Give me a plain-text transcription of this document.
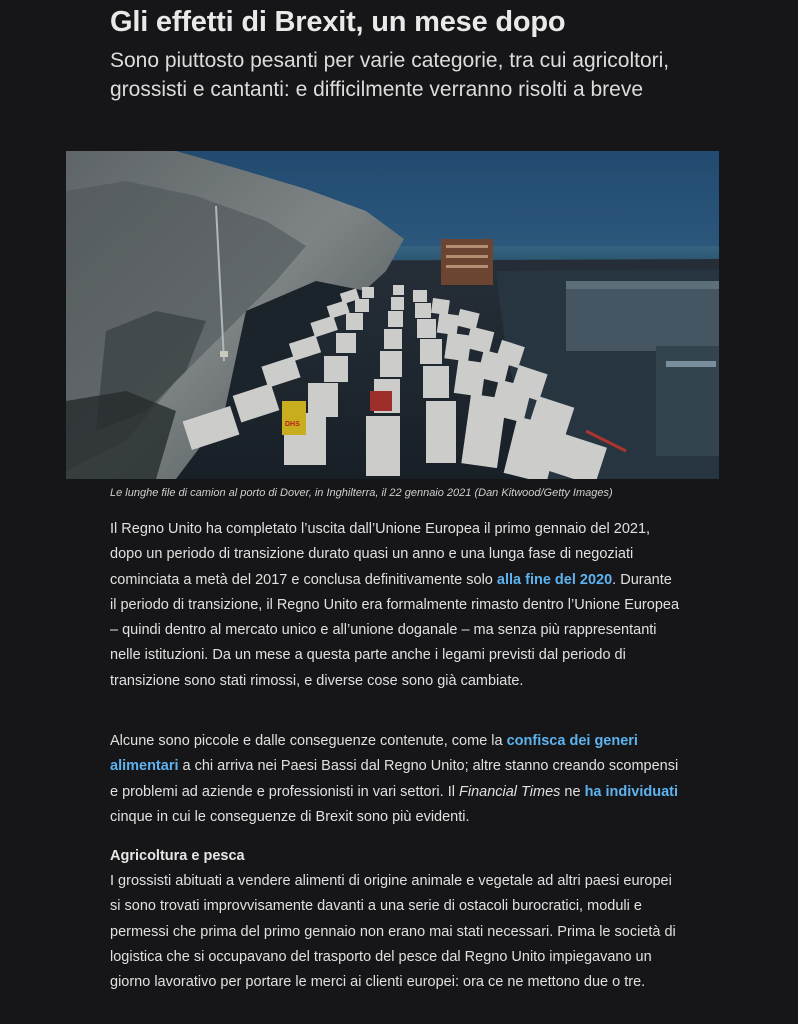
Gli effetti di Brexit, un mese dopo

Sono piuttosto pesanti per varie categorie, tra cui agricoltori, grossisti e cantanti: e difficilmente verranno risolti a breve

DHS

Le lunghe file di camion al porto di Dover, in Inghilterra, il 22 gennaio 2021 (Dan Kitwood/Getty Images)

Il Regno Unito ha completato l’uscita dall’Unione Europea il primo gennaio del 2021, dopo un periodo di transizione durato quasi un anno e una lunga fase di negoziati cominciata a metà del 2017 e conclusa definitivamente solo alla fine del 2020. Durante il periodo di transizione, il Regno Unito era formalmente rimasto dentro l’Unione Europea – quindi dentro al mercato unico e all’unione doganale – ma senza più rappresentanti nelle istituzioni. Da un mese a questa parte anche i legami previsti dal periodo di transizione sono stati rimossi, e diverse cose sono già cambiate.

Alcune sono piccole e dalle conseguenze contenute, come la confisca dei generi alimentari a chi arriva nei Paesi Bassi dal Regno Unito; altre stanno creando scompensi e problemi ad aziende e professionisti in vari settori. Il Financial Times ne ha individuati cinque in cui le conseguenze di Brexit sono più evidenti.

Agricoltura e pesca

I grossisti abituati a vendere alimenti di origine animale e vegetale ad altri paesi europei si sono trovati improvvisamente davanti a una serie di ostacoli burocratici, moduli e permessi che prima del primo gennaio non erano mai stati necessari. Prima le società di logistica che si occupavano del trasporto del pesce dal Regno Unito impiegavano un giorno lavorativo per portare le merci ai clienti europei: ora ce ne mettono due o tre.
